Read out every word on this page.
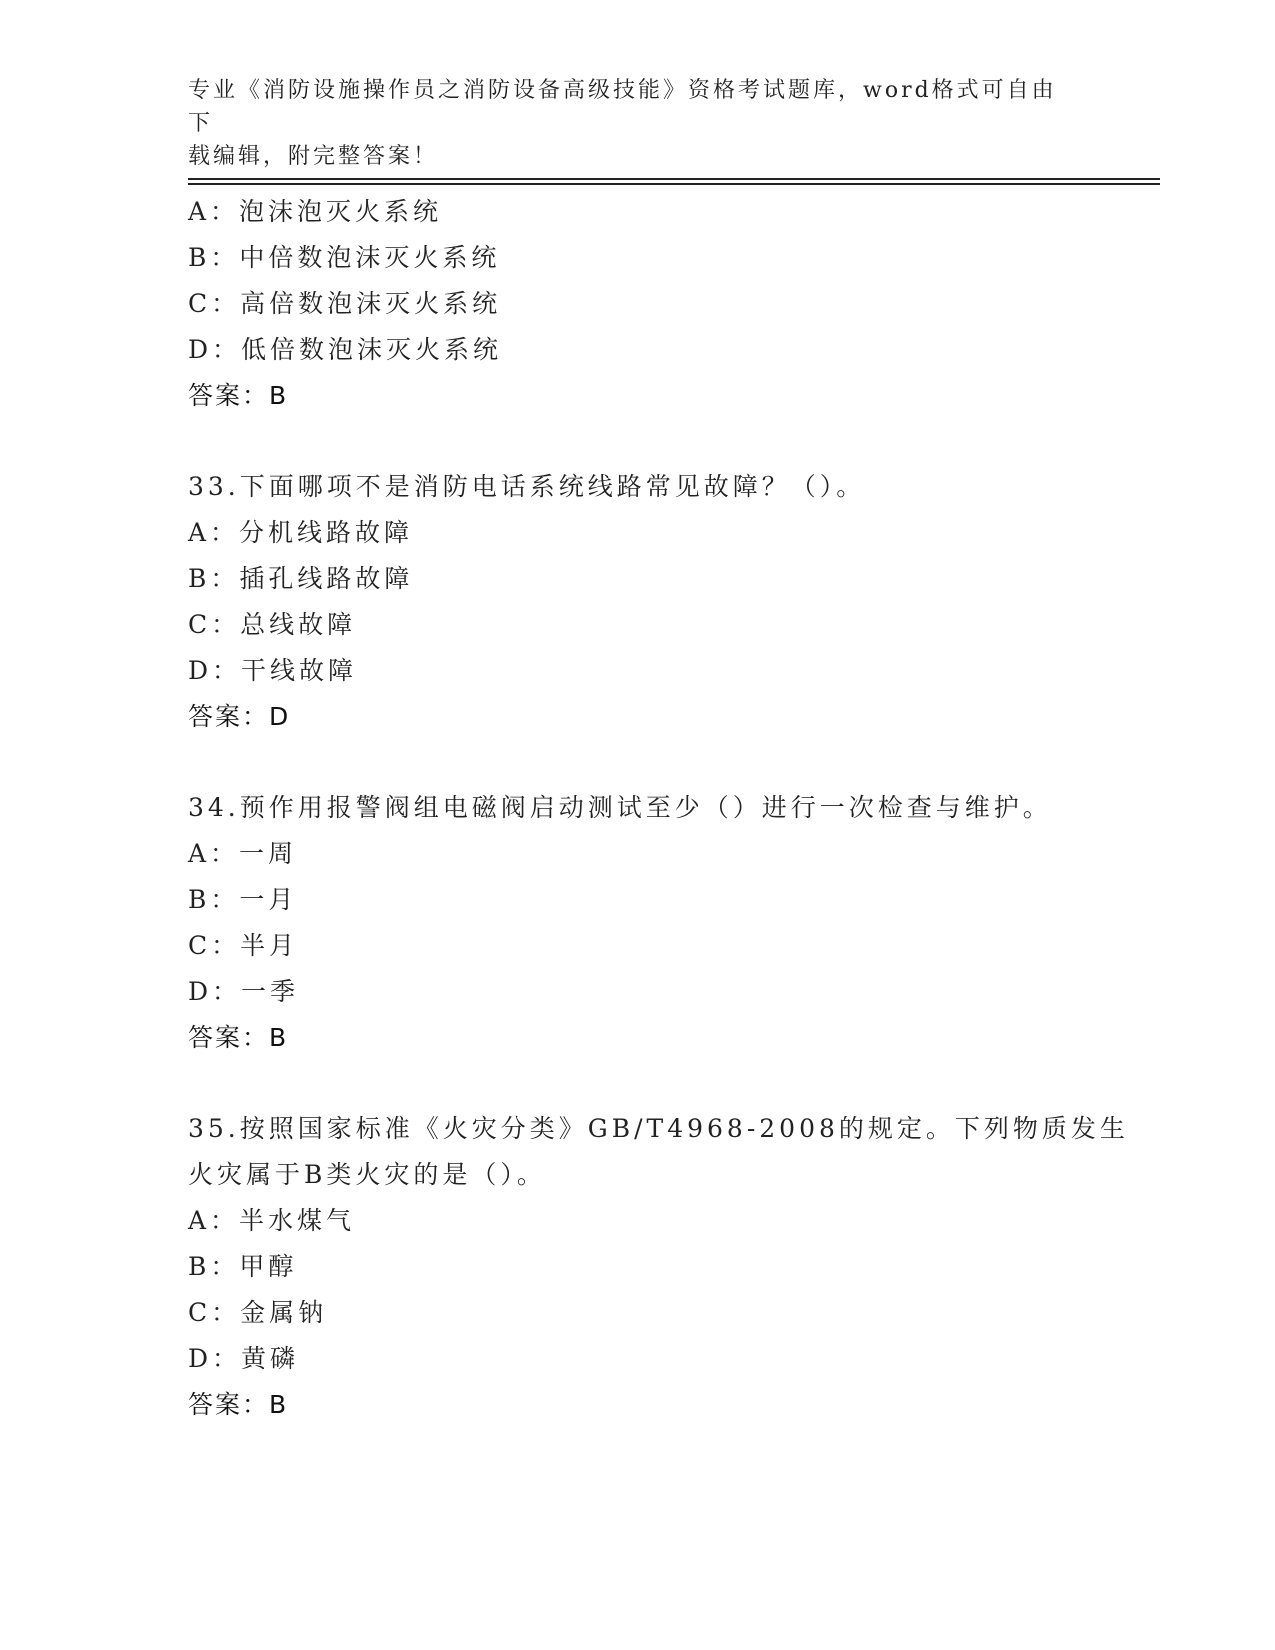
专业《消防设施操作员之消防设备高级技能》资格考试题库，word格式可自由下
载编辑，附完整答案！
A：泡沫泡灭火系统
B：中倍数泡沫灭火系统
C：高倍数泡沫灭火系统
D：低倍数泡沫灭火系统
答案：B
33.下面哪项不是消防电话系统线路常见故障？（）。
A：分机线路故障
B：插孔线路故障
C：总线故障
D：干线故障
答案：D
34.预作用报警阀组电磁阀启动测试至少（）进行一次检查与维护。
A：一周
B：一月
C：半月
D：一季
答案：B
35.按照国家标准《火灾分类》GB/T4968-2008的规定。下列物质发生
火灾属于B类火灾的是（）。
A：半水煤气
B：甲醇
C：金属钠
D：黄磷
答案：B
